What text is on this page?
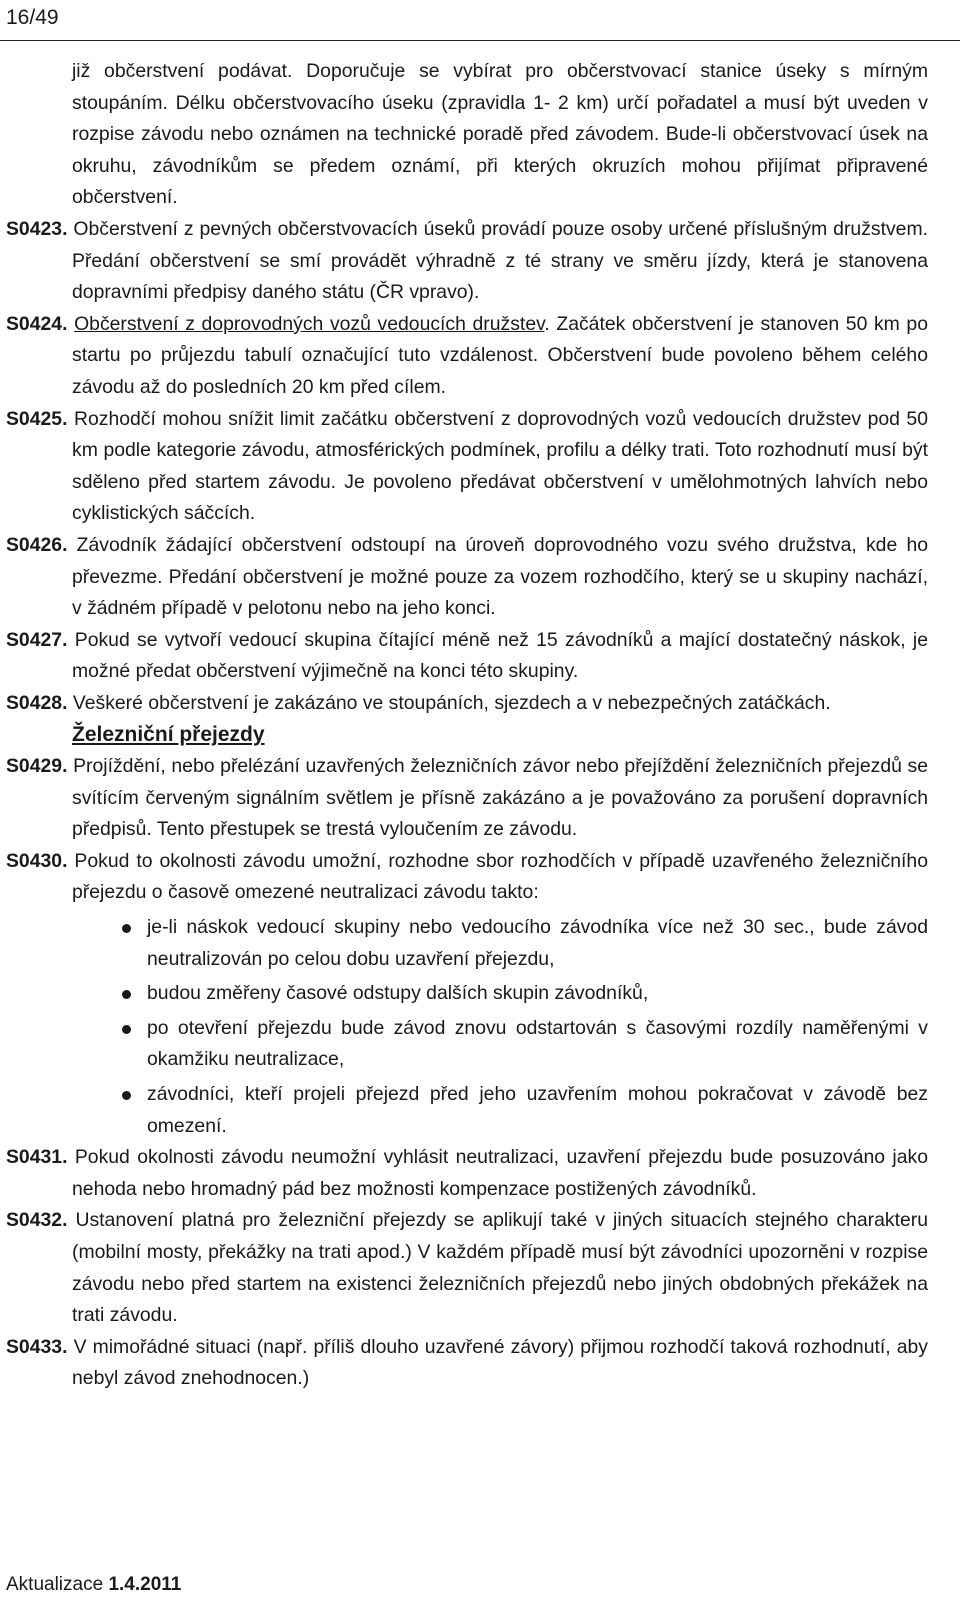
16/49

již občerstvení podávat. Doporučuje se vybírat pro občerstvovací stanice úseky s mírným stoupáním. Délku občerstvovacího úseku (zpravidla 1- 2 km) určí pořadatel a musí být uveden v rozpise závodu nebo oznámen na technické poradě před závodem. Bude-li občerstvovací úsek na okruhu, závodníkům se předem oznámí, při kterých okruzích mohou přijímat připravené občerstvení.

S0423. Občerstvení z pevných občerstvovacích úseků provádí pouze osoby určené příslušným družstvem. Předání občerstvení se smí provádět výhradně z té strany ve směru jízdy, která je stanovena dopravními předpisy daného státu (ČR vpravo).

S0424. Občerstvení z doprovodných vozů vedoucích družstev. Začátek občerstvení je stanoven 50 km po startu po průjezdu tabulí označující tuto vzdálenost. Občerstvení bude povoleno během celého závodu až do posledních 20 km před cílem.

S0425. Rozhodčí mohou snížit limit začátku občerstvení z doprovodných vozů vedoucích družstev pod 50 km podle kategorie závodu, atmosférických podmínek, profilu a délky trati. Toto rozhodnutí musí být sděleno před startem závodu. Je povoleno předávat občerstvení v umělohmotných lahvích nebo cyklistických sáčcích.

S0426. Závodník žádající občerstvení odstoupí na úroveň doprovodného vozu svého družstva, kde ho převezme. Předání občerstvení je možné pouze za vozem rozhodčího, který se u skupiny nachází, v žádném případě v pelotonu nebo na jeho konci.

S0427. Pokud se vytvoří vedoucí skupina čítající méně než 15 závodníků a mající dostatečný náskok, je možné předat občerstvení výjimečně na konci této skupiny.

S0428. Veškeré občerstvení je zakázáno ve stoupáních, sjezdech a v nebezpečných zatáčkách.

Železniční přejezdy

S0429. Projíždění, nebo přelézání uzavřených železničních závor nebo přejíždění železničních přejezdů se svítícím červeným signálním světlem je přísně zakázáno a je považováno za porušení dopravních předpisů. Tento přestupek se trestá vyloučením ze závodu.

S0430. Pokud to okolnosti závodu umožní, rozhodne sbor rozhodčích v případě uzavřeného železničního přejezdu o časově omezené neutralizaci závodu takto:

je-li náskok vedoucí skupiny nebo vedoucího závodníka více než 30 sec., bude závod neutralizován po celou dobu uzavření přejezdu,
budou změřeny časové odstupy dalších skupin závodníků,
po otevření přejezdu bude závod znovu odstartován s časovými rozdíly naměřenými v okamžiku neutralizace,
závodníci, kteří projeli přejezd před jeho uzavřením mohou pokračovat v závodě bez omezení.

S0431. Pokud okolnosti závodu neumožní vyhlásit neutralizaci, uzavření přejezdu bude posuzováno jako nehoda nebo hromadný pád bez možnosti kompenzace postižených závodníků.

S0432. Ustanovení platná pro železniční přejezdy se aplikují také v jiných situacích stejného charakteru (mobilní mosty, překážky na trati apod.) V každém případě musí být závodníci upozorněni v rozpise závodu nebo před startem na existenci železničních přejezdů nebo jiných obdobných překážek na trati závodu.

S0433. V mimořádné situaci (např. příliš dlouho uzavřené závory) přijmou rozhodčí taková rozhodnutí, aby nebyl závod znehodnocen.)

Aktualizace 1.4.2011
